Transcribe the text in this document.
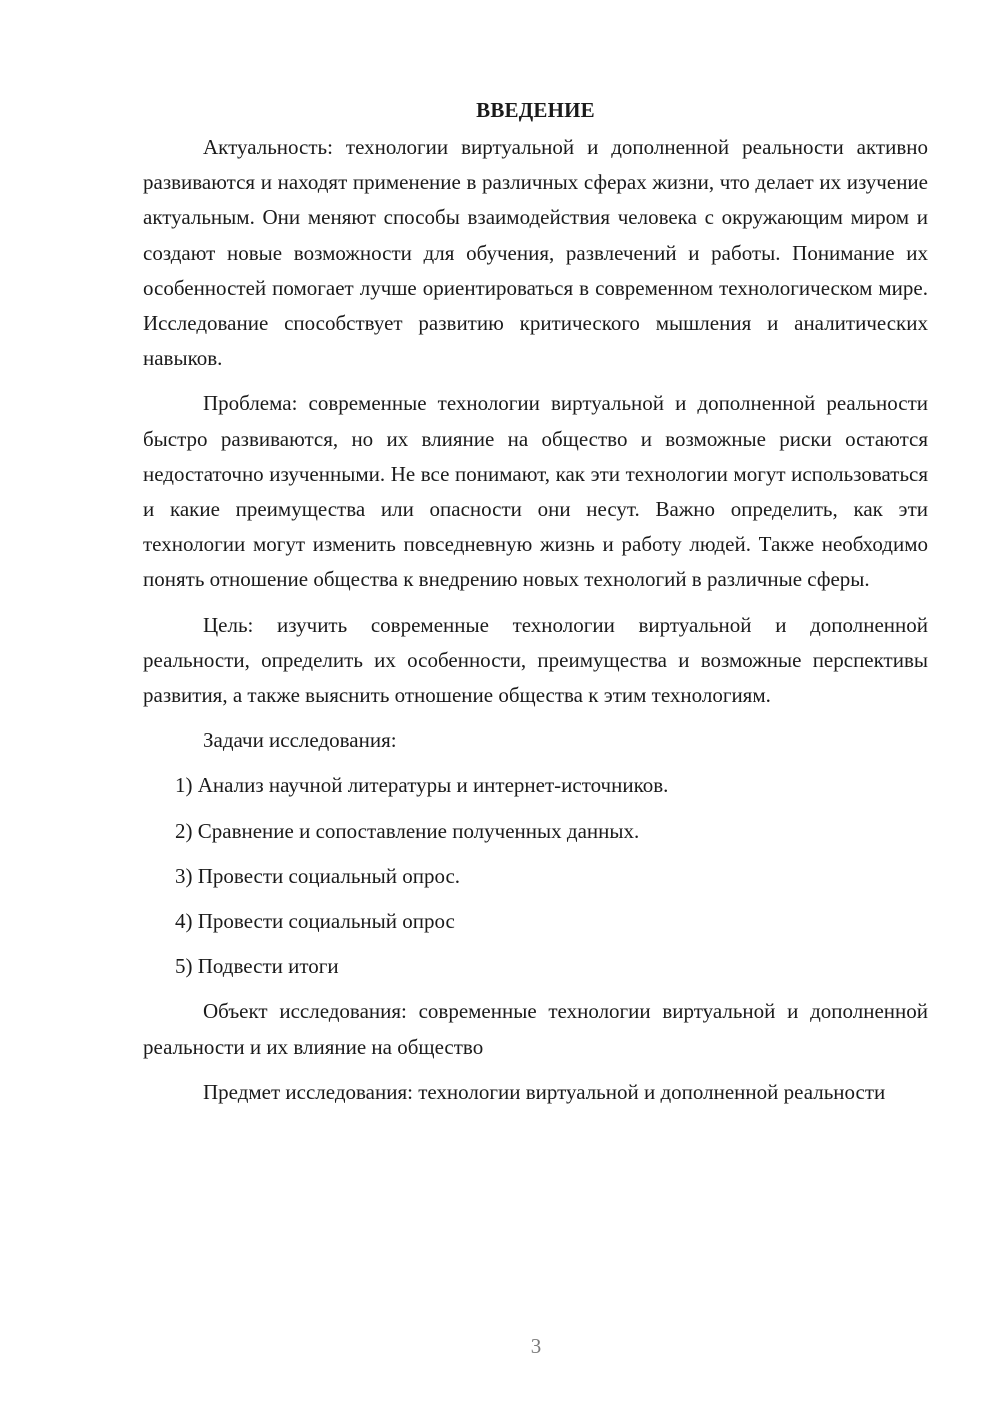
ВВЕДЕНИЕ

Актуальность: технологии виртуальной и дополненной реальности активно развиваются и находят применение в различных сферах жизни, что делает их изучение актуальным. Они меняют способы взаимодействия человека с окружающим миром и создают новые возможности для обучения, развлечений и работы. Понимание их особенностей помогает лучше ориентироваться в современном технологическом мире. Исследование способствует развитию критического мышления и аналитических навыков.

Проблема: современные технологии виртуальной и дополненной реальности быстро развиваются, но их влияние на общество и возможные риски остаются недостаточно изученными. Не все понимают, как эти технологии могут использоваться и какие преимущества или опасности они несут. Важно определить, как эти технологии могут изменить повседневную жизнь и работу людей. Также необходимо понять отношение общества к внедрению новых технологий в различные сферы.

Цель: изучить современные технологии виртуальной и дополненной реальности, определить их особенности, преимущества и возможные перспективы развития, а также выяснить отношение общества к этим технологиям.

Задачи исследования:

1) Анализ научной литературы и интернет-источников.
2) Сравнение и сопоставление полученных данных.
3) Провести социальный опрос.
4) Провести социальный опрос
5) Подвести итоги

Объект исследования: современные технологии виртуальной и дополненной реальности и их влияние на общество

Предмет исследования: технологии виртуальной и дополненной реальности

3
